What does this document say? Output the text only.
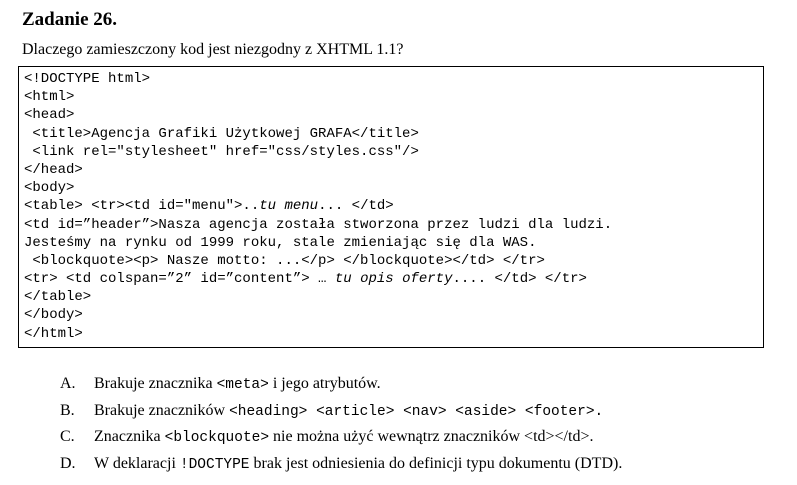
Zadanie 26.
Dlaczego zamieszczony kod jest niezgodny z XHTML 1.1?
<!DOCTYPE html>
<html>
<head>
<title>Agencja Grafiki Użytkowej GRAFA</title>
<link rel="stylesheet" href="css/styles.css"/>
</head>
<body>
<table> <tr><td id="menu">..tu menu... </td>
<td id=”header”>Nasza agencja została stworzona przez ludzi dla ludzi.
Jesteśmy na rynku od 1999 roku, stale zmieniając się dla WAS.
<blockquote><p> Nasze motto: ...</p> </blockquote></td> </tr>
<tr> <td colspan=”2” id=”content”> … tu opis oferty.... </td> </tr>
</table>
</body>
</html>
A. Brakuje znacznika <meta> i jego atrybutów.
B. Brakuje znaczników <heading> <article> <nav> <aside> <footer>.
C. Znacznika <blockquote> nie można użyć wewnątrz znaczników <td></td>.
D. W deklaracji !DOCTYPE brak jest odniesienia do definicji typu dokumentu (DTD).
